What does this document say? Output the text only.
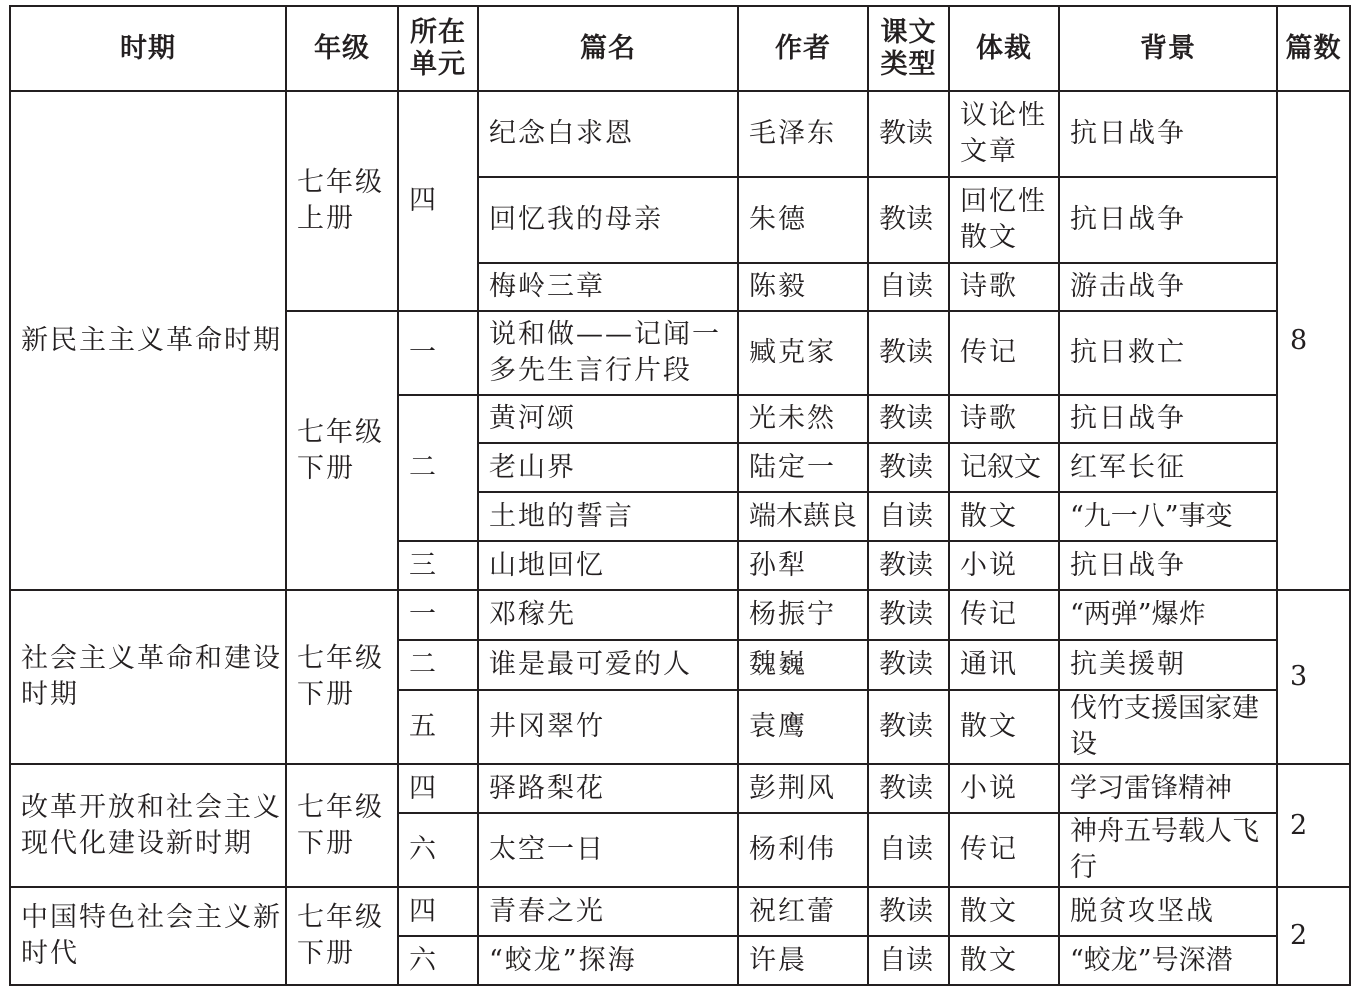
时期	年级	所在单元	篇名	作者	课文类型	体裁	背景	篇数
新民主主义革命时期	七年级上册	四	纪念白求恩	毛泽东	教读	议论性文章	抗日战争	8
			回忆我的母亲	朱德	教读	回忆性散文	抗日战争	
			梅岭三章	陈毅	自读	诗歌	游击战争	
	七年级下册	一	说和做——记闻一多先生言行片段	臧克家	教读	传记	抗日救亡	
		二	黄河颂	光未然	教读	诗歌	抗日战争	
			老山界	陆定一	教读	记叙文	红军长征	
			土地的誓言	端木蕻良	自读	散文	“九一八”事变	
		三	山地回忆	孙犁	教读	小说	抗日战争	
社会主义革命和建设时期	七年级下册	一	邓稼先	杨振宁	教读	传记	“两弹”爆炸	3
		二	谁是最可爱的人	魏巍	教读	通讯	抗美援朝	
		五	井冈翠竹	袁鹰	教读	散文	伐竹支援国家建设	
改革开放和社会主义现代化建设新时期	七年级下册	四	驿路梨花	彭荆风	教读	小说	学习雷锋精神	2
		六	太空一日	杨利伟	自读	传记	神舟五号载人飞行	
中国特色社会主义新时代	七年级下册	四	青春之光	祝红蕾	教读	散文	脱贫攻坚战	2
		六	“蛟龙”探海	许晨	自读	散文	“蛟龙”号深潜	
